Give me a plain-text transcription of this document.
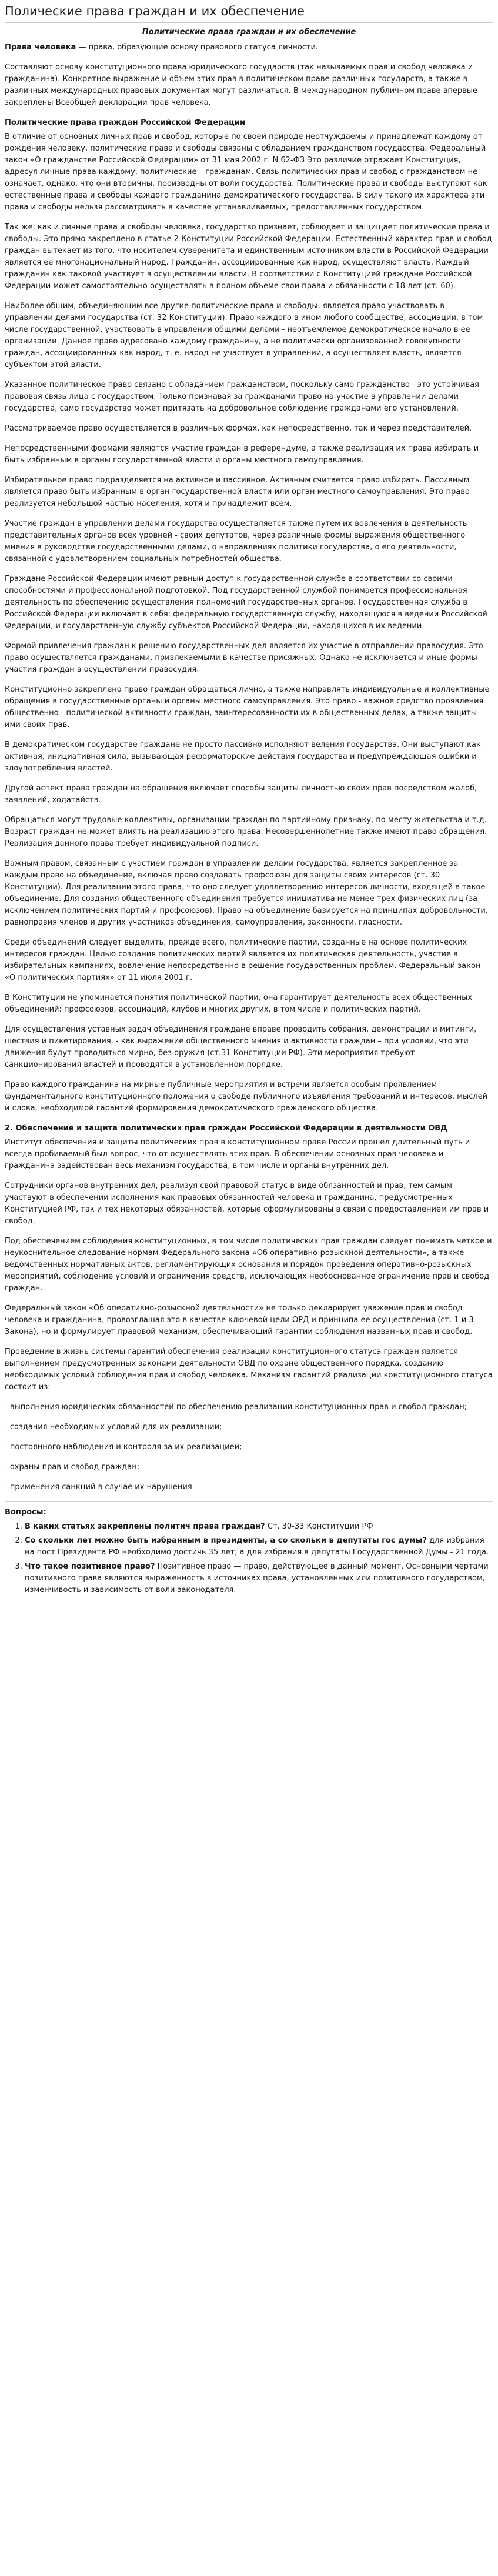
Полические права граждан и их обеспечение
Политические права граждан и их обеспечение

Права человека — права, образующие основу правового статуса личности.

Составляют основу конституционного права юридического государств (так называемых прав и свобод человека и гражданина). Конкретное выражение и объем этих прав в политическом праве различных государств, а также в различных международных правовых документах могут различаться. В международном публичном праве впервые закреплены Всеобщей декларации прав человека.

Политические права граждан Российской Федерации

В отличие от основных личных прав и свобод, которые по своей природе неотчуждаемы и принадлежат каждому от рождения человеку, политические права и свободы связаны с обладанием гражданством государства. Федеральный закон «О гражданстве Российской Федерации» от 31 мая 2002 г. N 62-ФЗ Это различие отражает Конституция, адресуя личные права каждому, политические – гражданам. Связь политических прав и свобод с гражданством не означает, однако, что они вторичны, производны от воли государства. Политические права и свободы выступают как естественные права и свободы каждого гражданина демократического государства. В силу такого их характера эти права и свободы нельзя рассматривать в качестве устанавливаемых, предоставленных государством.

Так же, как и личные права и свободы человека, государство признает, соблюдает и защищает политические права и свободы. Это прямо закреплено в статье 2 Конституции Российской Федерации. Естественный характер прав и свобод граждан вытекает из того, что носителем суверенитета и единственным источником власти в Российской Федерации является ее многонациональный народ. Гражданин, ассоциированные как народ, осуществляют власть. Каждый гражданин как таковой участвует в осуществлении власти. В соответствии с Конституцией граждане Российской Федерации может самостоятельно осуществлять в полном объеме свои права и обязанности с 18 лет (ст. 60).

Наиболее общим, объединяющим все другие политические права и свободы, является право участвовать в управлении делами государства (ст. 32 Конституции). Право каждого в ином любого сообществе, ассоциации, в том числе государственной, участвовать в управлении общими делами - неотъемлемое демократическое начало в ее организации. Данное право адресовано каждому гражданину, а не политически организованной совокупности граждан, ассоциированных как народ, т. е. народ не участвует в управлении, а осуществляет власть, является субъектом этой власти.

Указанное политическое право связано с обладанием гражданством, поскольку само гражданство - это устойчивая правовая связь лица с государством. Только признавая за гражданами право на участие в управлении делами государства, само государство может притязать на добровольное соблюдение гражданами его установлений.

Рассматриваемое право осуществляется в различных формах, как непосредственно, так и через представителей.

Непосредственными формами являются участие граждан в референдуме, а также реализация их права избирать и быть избранным в органы государственной власти и органы местного самоуправления.

Избирательное право подразделяется на активное и пассивное. Активным считается право избирать. Пассивным является право быть избранным в орган государственной власти или орган местного самоуправления. Это право реализуется небольшой частью населения, хотя и принадлежит всем.

Участие граждан в управлении делами государства осуществляется также путем их вовлечения в деятельность представительных органов всех уровней - своих депутатов, через различные формы выражения общественного мнения в руководстве государственными делами, о направлениях политики государства, о его деятельности, связанной с удовлетворением социальных потребностей общества.

Граждане Российской Федерации имеют равный доступ к государственной службе в соответствии со своими способностями и профессиональной подготовкой. Под государственной службой понимается профессиональная деятельность по обеспечению осуществления полномочий государственных органов. Государственная служба в Российской Федерации включает в себя: федеральную государственную службу, находящуюся в ведении Российской Федерации, и государственную службу субъектов Российской Федерации, находящихся в их ведении.

Формой привлечения граждан к решению государственных дел является их участие в отправлении правосудия. Это право осуществляется гражданами, привлекаемыми в качестве присяжных. Однако не исключается и иные формы участия граждан в осуществлении правосудия.

Конституционно закреплено право граждан обращаться лично, а также направлять индивидуальные и коллективные обращения в государственные органы и органы местного самоуправления. Это право - важное средство проявления общественно - политической активности граждан, заинтересованности их в общественных делах, а также защиты ими своих прав.

В демократическом государстве граждане не просто пассивно исполняют веления государства. Они выступают как активная, инициативная сила, вызывающая реформаторские действия государства и предупреждающая ошибки и злоупотребления властей.

Другой аспект права граждан на обращения включает способы защиты личностью своих прав посредством жалоб, заявлений, ходатайств.

Обращаться могут трудовые коллективы, организации граждан по партийному признаку, по месту жительства и т.д. Возраст граждан не может влиять на реализацию этого права. Несовершеннолетние также имеют право обращения. Реализация данного права требует индивидуальной подписи.

Важным правом, связанным с участием граждан в управлении делами государства, является закрепленное за каждым право на объединение, включая право создавать профсоюзы для защиты своих интересов (ст. 30 Конституции). Для реализации этого права, что оно следует удовлетворению интересов личности, входящей в такое объединение. Для создания общественного объединения требуется инициатива не менее трех физических лиц (за исключением политических партий и профсоюзов). Право на объединение базируется на принципах добровольности, равноправия членов и других участников объединения, самоуправления, законности, гласности.

Среди объединений следует выделить, прежде всего, политические партии, созданные на основе политических интересов граждан. Целью создания политических партий является их политическая деятельность, участие в избирательных кампаниях, вовлечение непосредственно в решение государственных проблем. Федеральный закон «О политических партиях» от 11 июля 2001 г.

В Конституции не упоминается понятия политической партии, она гарантирует деятельность всех общественных объединений: профсоюзов, ассоциаций, клубов и многих других, в том числе и политических партий.

Для осуществления уставных задач объединения граждане вправе проводить собрания, демонстрации и митинги, шествия и пикетирования, - как выражение общественного мнения и активности граждан – при условии, что эти движения будут проводиться мирно, без оружия (ст.31 Конституции РФ). Эти мероприятия требуют санкционирования властей и проводятся в установленном порядке.

Право каждого гражданина на мирные публичные мероприятия и встречи является особым проявлением фундаментального конституционного положения о свободе публичного изъявления требований и интересов, мыслей и слова, необходимой гарантий формирования демократического гражданского общества.

2. Обеспечение и защита политических прав граждан Российской Федерации в деятельности ОВД

Институт обеспечения и защиты политических прав в конституционном праве России прошел длительный путь и всегда пробиваемый был вопрос, что от осуществлять этих прав. В обеспечении основных прав человека и гражданина задействован весь механизм государства, в том числе и органы внутренних дел.

Сотрудники органов внутренних дел, реализуя свой правовой статус в виде обязанностей и прав, тем самым участвуют в обеспечении исполнения как правовых обязанностей человека и гражданина, предусмотренных Конституцией РФ, так и тех некоторых обязанностей, которые сформулированы в связи с предоставлением им прав и свобод.

Под обеспечением соблюдения конституционных, в том числе политических прав граждан следует понимать четкое и неукоснительное следование нормам Федерального закона «Об оперативно-розыскной деятельности», а также ведомственных нормативных актов, регламентирующих основания и порядок проведения оперативно-розыскных мероприятий, соблюдение условий и ограничения средств, исключающих необоснованное ограничение прав и свобод граждан.

Федеральный закон «Об оперативно-розыскной деятельности» не только декларирует уважение прав и свобод человека и гражданина, провозглашая это в качестве ключевой цели ОРД и принципа ее осуществления (ст. 1 и 3 Закона), но и формулирует правовой механизм, обеспечивающий гарантии соблюдения названных прав и свобод.

Проведение в жизнь системы гарантий обеспечения реализации конституционного статуса граждан является выполнением предусмотренных законами деятельности ОВД по охране общественного порядка, созданию необходимых условий соблюдения прав и свобод человека. Механизм гарантий реализации конституционного статуса состоит из:

- выполнения юридических обязанностей по обеспечению реализации конституционных прав и свобод граждан;

- создания необходимых условий для их реализации;

- постоянного наблюдения и контроля за их реализацией;

- охраны прав и свобод граждан;

- применения санкций в случае их нарушения

Вопросы:
1. В каких статьях закреплены политич права граждан? Ст. 30-33 Конституции РФ
2. Со скольки лет можно быть избранным в президенты, а со скольки в депутаты гос думы? для избрания на пост Президента РФ необходимо достичь 35 лет, а для избрания в депутаты Государственной Думы - 21 года.
3. Что такое позитивное право? Позитивное право — право, действующее в данный момент. Основными чертами позитивного права являются выраженность в источниках права, установленных или позитивного государством, изменчивость и зависимость от воли законодателя.
